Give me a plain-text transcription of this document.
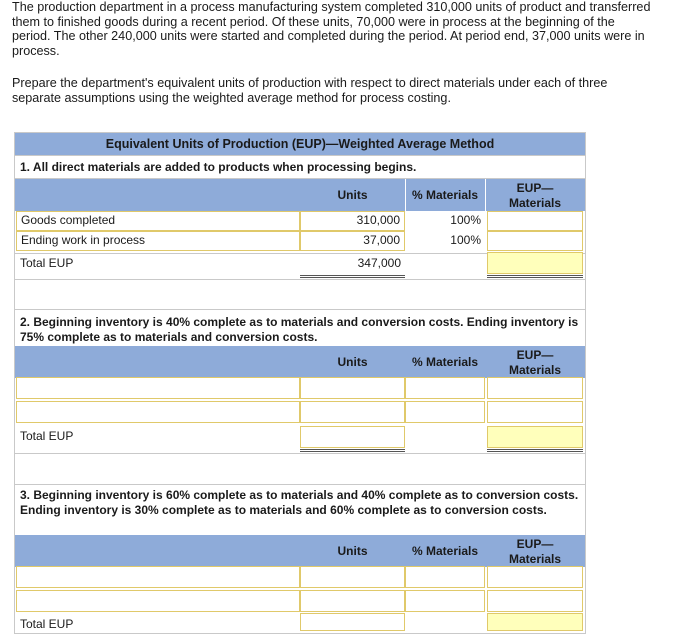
The production department in a process manufacturing system completed 310,000 units of product and transferred them to finished goods during a recent period. Of these units, 70,000 were in process at the beginning of the period. The other 240,000 units were started and completed during the period. At period end, 37,000 units were in process.

Prepare the department's equivalent units of production with respect to direct materials under each of three separate assumptions using the weighted average method for process costing.

Equivalent Units of Production (EUP)—Weighted Average Method
1. All direct materials are added to products when processing begins.
Units	% Materials	EUP—
Materials
Goods completed	310,000	100%
Ending work in process	37,000	100%
Total EUP	347,000
2. Beginning inventory is 40% complete as to materials and conversion costs. Ending inventory is 75% complete as to materials and conversion costs.
Units	% Materials	EUP—
Materials
Total EUP
3. Beginning inventory is 60% complete as to materials and 40% complete as to conversion costs. Ending inventory is 30% complete as to materials and 60% complete as to conversion costs.
Units	% Materials	EUP—
Materials
Total EUP
